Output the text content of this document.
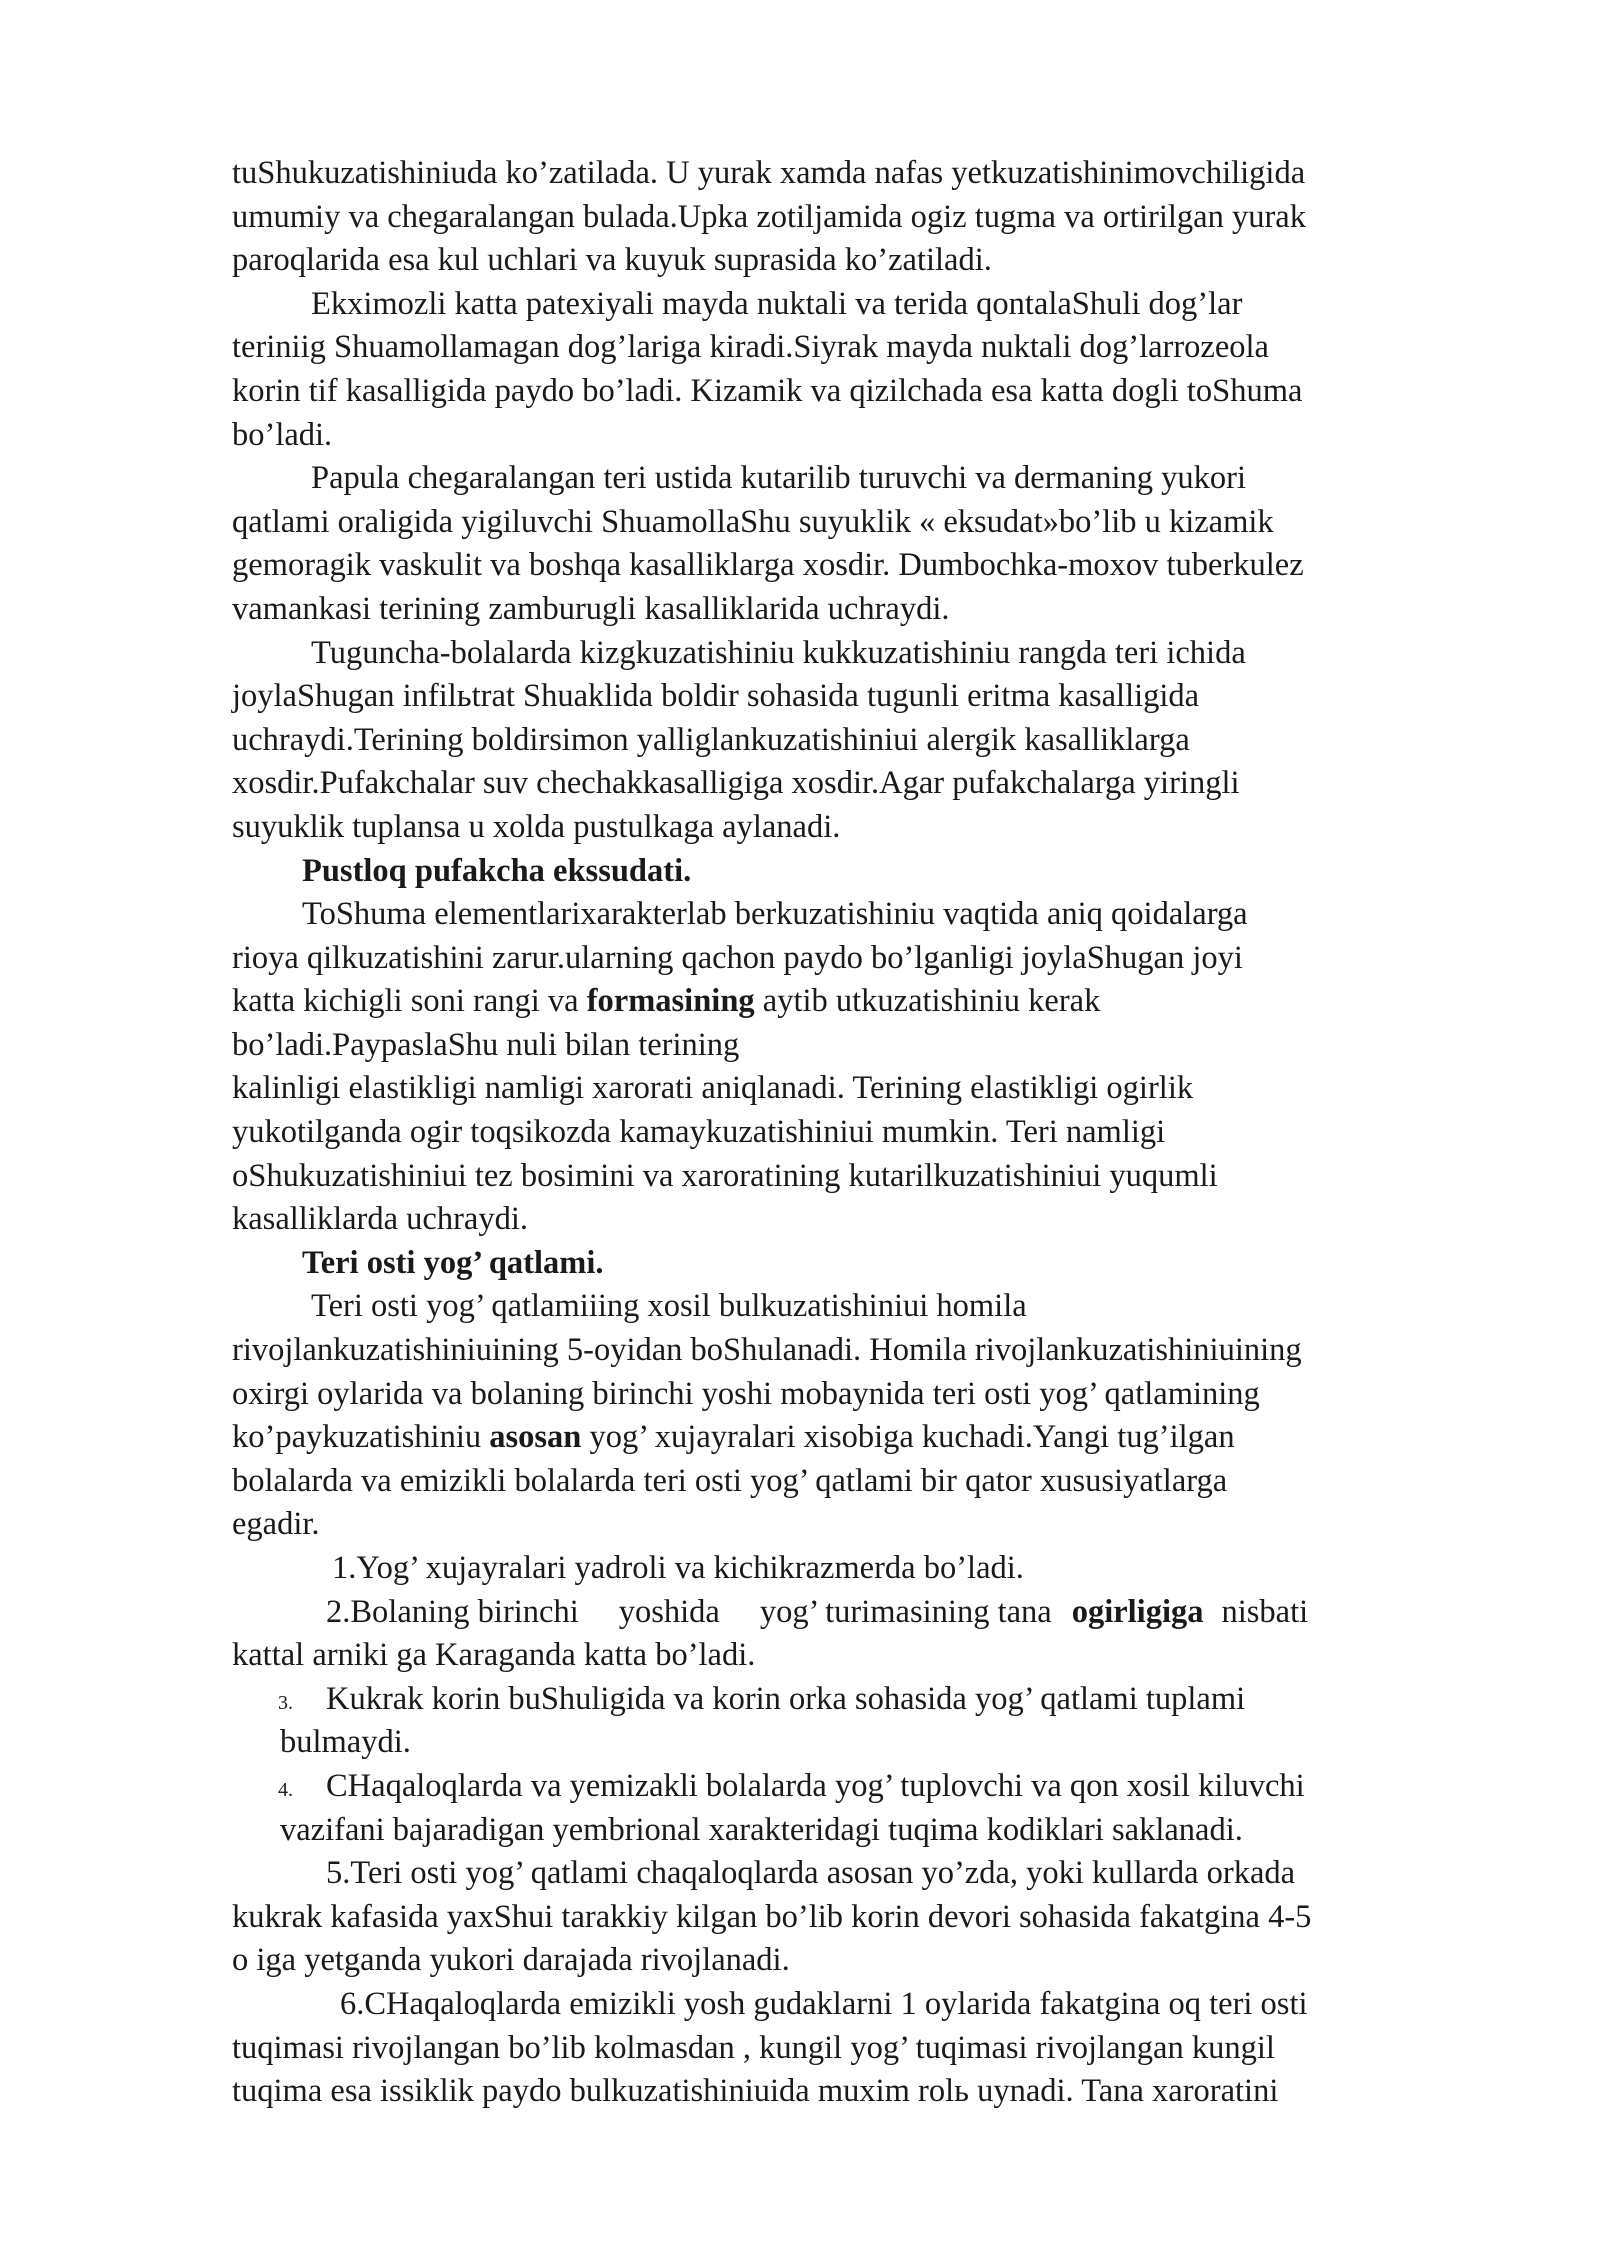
tuShukuzatishiniuda ko’zatilada. U yurak xamda nafas yetkuzatishinimovchiligida
umumiy va chegaralangan bulada.Upka zotiljamida ogiz tugma va ortirilgan yurak
paroqlarida esa kul uchlari va kuyuk suprasida ko’zatiladi.
Ekximozli katta patexiyali mayda nuktali va terida qontalaShuli dog’lar
teriniig Shuamollamagan dog’lariga kiradi.Siyrak mayda nuktali dog’larrozeola
korin tif kasalligida paydo bo’ladi. Kizamik va qizilchada esa katta dogli toShuma
bo’ladi.
Papula chegaralangan teri ustida kutarilib turuvchi va dermaning yukori
qatlami oraligida yigiluvchi ShuamollaShu suyuklik « eksudat»bo’lib u kizamik
gemoragik vaskulit va boshqa kasalliklarga xosdir. Dumbochka-moxov tuberkulez
vamankasi terining zamburugli kasalliklarida uchraydi.
Tuguncha-bolalarda kizgkuzatishiniu kukkuzatishiniu rangda teri ichida
joylaShugan infilьtrat Shuaklida boldir sohasida tugunli eritma kasalligida
uchraydi.Terining boldirsimon yalliglankuzatishiniui alergik kasalliklarga
xosdir.Pufakchalar suv chechakkasalligiga xosdir.Agar pufakchalarga yiringli
suyuklik tuplansa u xolda pustulkaga aylanadi.
Pustloq pufakcha ekssudati.
ToShuma elementlarixarakterlab berkuzatishiniu vaqtida aniq qoidalarga
rioya qilkuzatishini zarur.ularning qachon paydo bo’lganligi joylaShugan joyi
katta kichigli soni rangi va formasining aytib utkuzatishiniu kerak
bo’ladi.PaypaslaShu nuli bilan terining
kalinligi elastikligi namligi xarorati aniqlanadi. Terining elastikligi ogirlik
yukotilganda ogir toqsikozda kamaykuzatishiniui mumkin. Teri namligi
oShukuzatishiniui tez bosimini va xaroratining kutarilkuzatishiniui yuqumli
kasalliklarda uchraydi.
Teri osti yog’ qatlami.
Teri osti yog’ qatlamiiing xosil bulkuzatishiniui homila
rivojlankuzatishiniuining 5-oyidan boShulanadi. Homila rivojlankuzatishiniuining
oxirgi oylarida va bolaning birinchi yoshi mobaynida teri osti yog’ qatlamining
ko’paykuzatishiniu asosan yog’ xujayralari xisobiga kuchadi.Yangi tug’ilgan
bolalarda va emizikli bolalarda teri osti yog’ qatlami bir qator xususiyatlarga
egadir.
1.Yog’ xujayralari yadroli va kichikrazmerda bo’ladi.
2.Bolaning birinchi yoshida yog’ turimasining tana ogirligiga nisbati
kattal arniki ga Karaganda katta bo’ladi.
3. Kukrak korin buShuligida va korin orka sohasida yog’ qatlami tuplami
bulmaydi.
4. CHaqaloqlarda va yemizakli bolalarda yog’ tuplovchi va qon xosil kiluvchi
vazifani bajaradigan yembrional xarakteridagi tuqima kodiklari saklanadi.
5.Teri osti yog’ qatlami chaqaloqlarda asosan yo’zda, yoki kullarda orkada
kukrak kafasida yaxShui tarakkiy kilgan bo’lib korin devori sohasida fakatgina 4-5
o iga yetganda yukori darajada rivojlanadi.
6.CHaqaloqlarda emizikli yosh gudaklarni 1 oylarida fakatgina oq teri osti
tuqimasi rivojlangan bo’lib kolmasdan , kungil yog’ tuqimasi rivojlangan kungil
tuqima esa issiklik paydo bulkuzatishiniuida muxim rolь uynadi. Tana xaroratini
